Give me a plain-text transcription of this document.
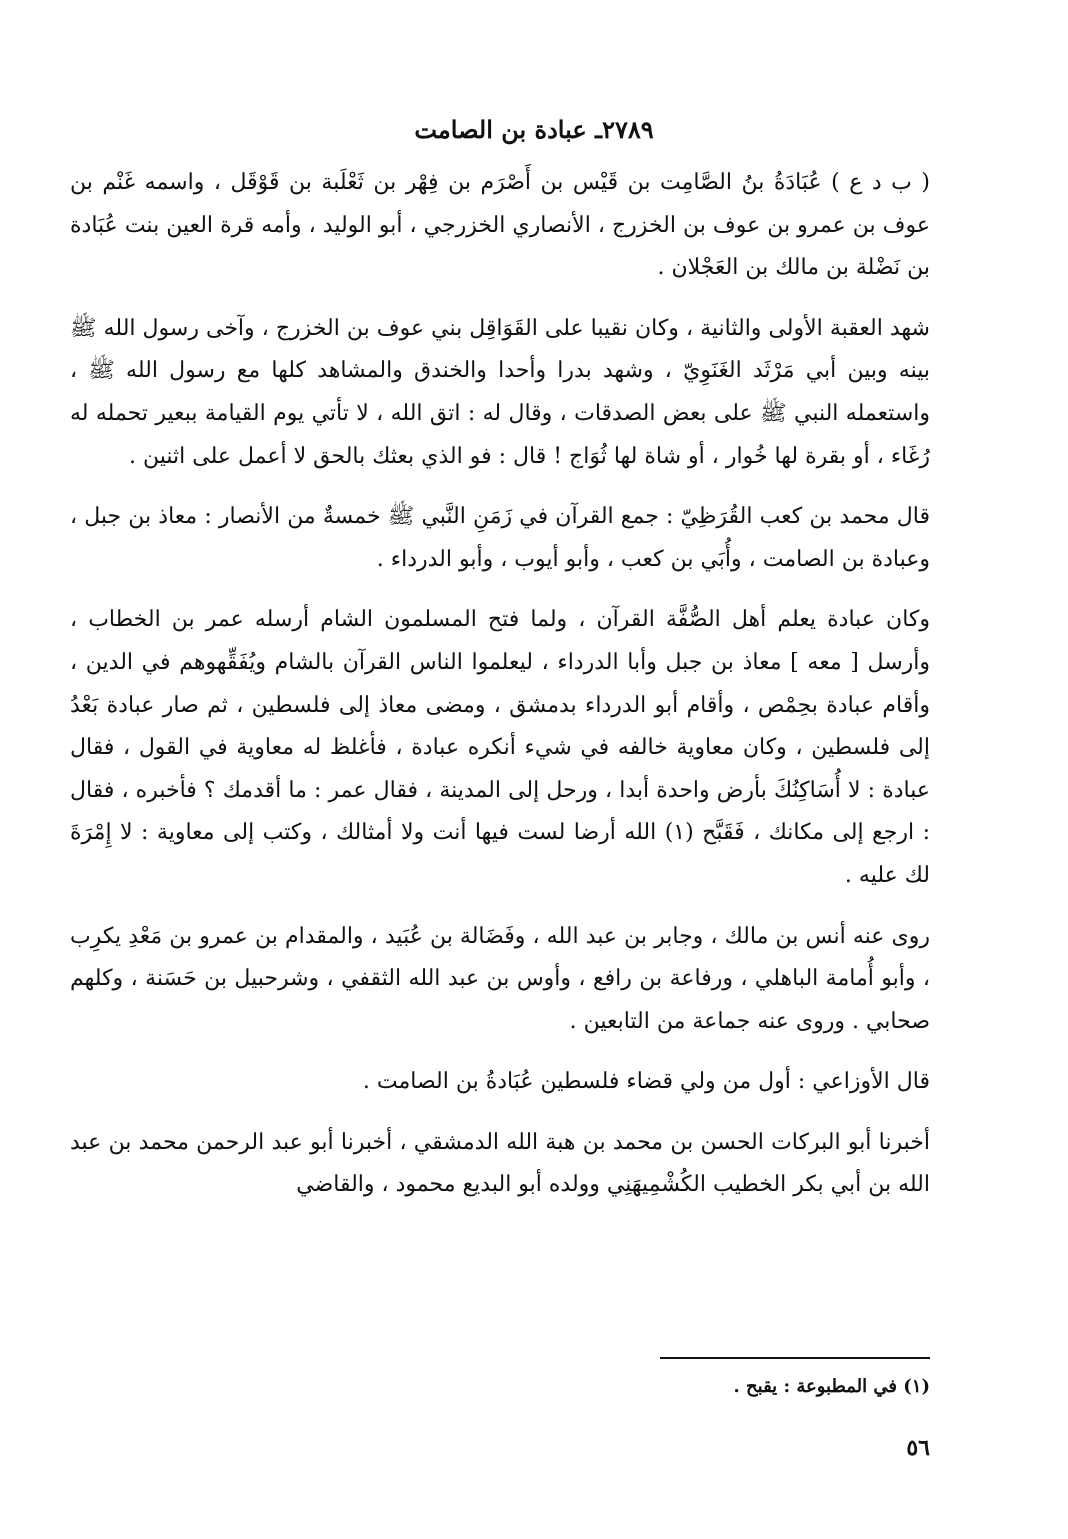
٢٧٨٩ـ عبادة بن الصامت

( ب د ع ) عُبَادَةُ بنُ الصَّامِت بن قَيْس بن أَصْرَم بن فِهْر بن ثَعْلَبة بن قَوْقَل ، واسمه غَنْم بن عوف بن عمرو بن عوف بن الخزرج ، الأنصاري الخزرجي ، أبو الوليد ، وأمه قرة العين بنت عُبَادة بن نَضْلة بن مالك بن العَجْلان .

شهد العقبة الأولى والثانية ، وكان نقيبا على القَوَاقِل بني عوف بن الخزرج ، وآخى رسول الله ﷺ بينه وبين أبي مَرْثَد الغَنَوِيّ ، وشهد بدرا وأحدا والخندق والمشاهد كلها مع رسول الله ﷺ ، واستعمله النبي ﷺ على بعض الصدقات ، وقال له : اتق الله ، لا تأتي يوم القيامة ببعير تحمله له رُغَاء ، أو بقرة لها خُوار ، أو شاة لها ثُوَاج ! قال : فو الذي بعثك بالحق لا أعمل على اثنين .

قال محمد بن كعب القُرَظِيّ : جمع القرآن في زَمَنِ النَّبي ﷺ خمسةٌ من الأنصار : معاذ بن جبل ، وعبادة بن الصامت ، وأُبَي بن كعب ، وأبو أيوب ، وأبو الدرداء .

وكان عبادة يعلم أهل الصُّفَّة القرآن ، ولما فتح المسلمون الشام أرسله عمر بن الخطاب ، وأرسل [ معه ] معاذ بن جبل وأبا الدرداء ، ليعلموا الناس القرآن بالشام ويُفَقِّهوهم في الدين ، وأقام عبادة بحِمْص ، وأقام أبو الدرداء بدمشق ، ومضى معاذ إلى فلسطين ، ثم صار عبادة بَعْدُ إلى فلسطين ، وكان معاوية خالفه في شيء أنكره عبادة ، فأغلظ له معاوية في القول ، فقال عبادة : لا أُسَاكِنُكَ بأرض واحدة أبدا ، ورحل إلى المدينة ، فقال عمر : ما أقدمك ؟ فأخبره ، فقال : ارجع إلى مكانك ، فَقَبَّح (١) الله أرضا لست فيها أنت ولا أمثالك ، وكتب إلى معاوية : لا إِمْرَةَ لك عليه .

روى عنه أنس بن مالك ، وجابر بن عبد الله ، وفَضَالة بن عُبَيد ، والمقدام بن عمرو بن مَعْدِ يكرِب ، وأبو أُمامة الباهلي ، ورفاعة بن رافع ، وأوس بن عبد الله الثقفي ، وشرحبيل بن حَسَنة ، وكلهم صحابي . وروى عنه جماعة من التابعين .

قال الأوزاعي : أول من ولي قضاء فلسطين عُبَادةُ بن الصامت .

أخبرنا أبو البركات الحسن بن محمد بن هبة الله الدمشقي ، أخبرنا أبو عبد الرحمن محمد بن عبد الله بن أبي بكر الخطيب الكُشْمِيهَنِي وولده أبو البديع محمود ، والقاضي

(١) في المطبوعة : يقبح .

٥٦
